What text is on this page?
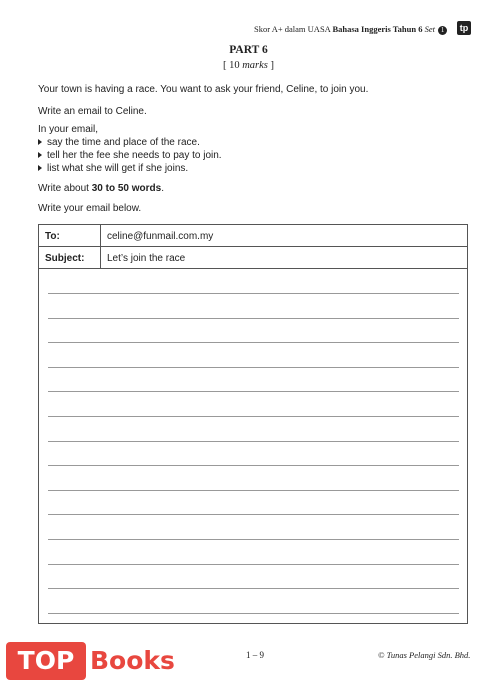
Skor A+ dalam UASA Bahasa Inggeris Tahun 6 Set 1	tp
PART 6
[ 10 marks ]
Your town is having a race. You want to ask your friend, Celine, to join you.
Write an email to Celine.
In your email,
say the time and place of the race.
tell her the fee she needs to pay to join.
list what she will get if she joins.
Write about 30 to 50 words.
Write your email below.
To:	celine@funmail.com.my
Subject: Let’s join the race
1 – 9	© Tunas Pelangi Sdn. Bhd.
TOP Books
